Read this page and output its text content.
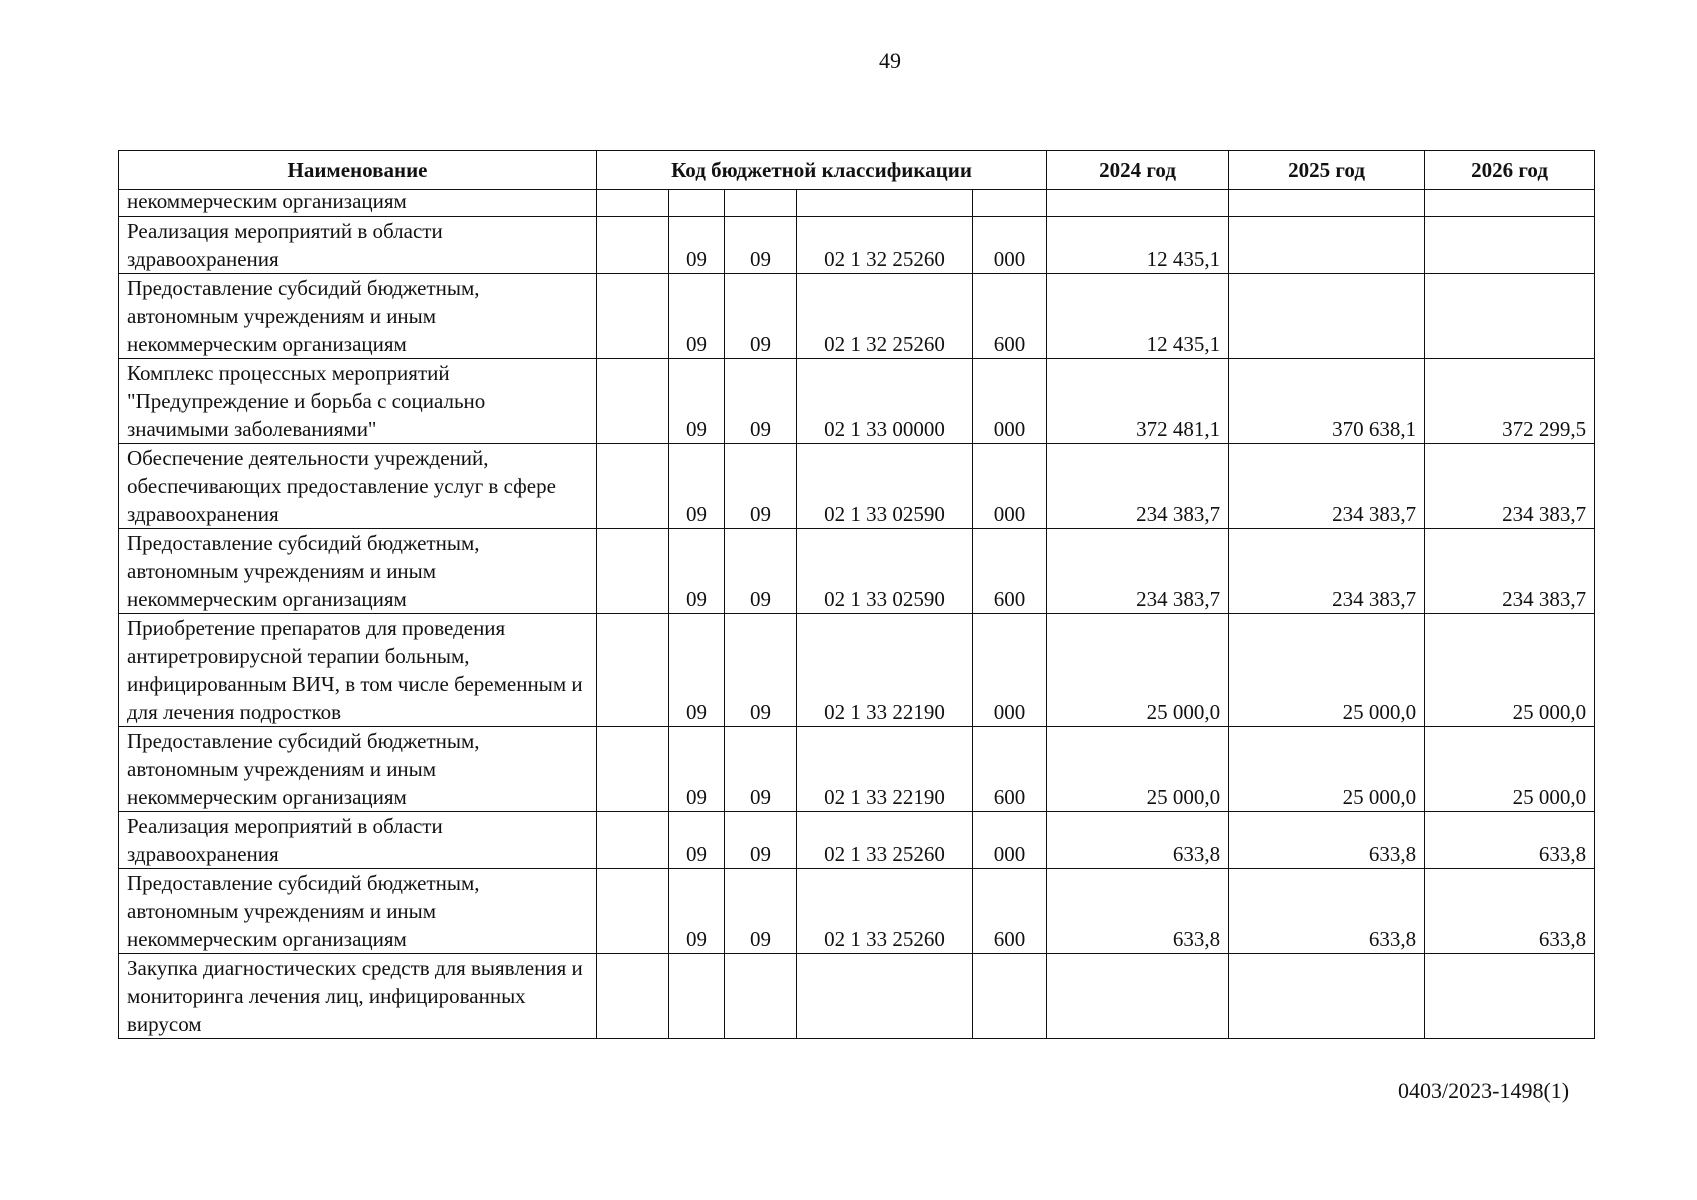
49
Наименование	Код бюджетной классификации					2024 год	2025 год	2026 год
некоммерческим организациям								
Реализация мероприятий в области здравоохранения		09	09	02 1 32 25260	000	12 435,1		
Предоставление субсидий бюджетным, автономным учреждениям и иным некоммерческим организациям		09	09	02 1 32 25260	600	12 435,1		
Комплекс процессных мероприятий "Предупреждение и борьба с социально значимыми заболеваниями"		09	09	02 1 33 00000	000	372 481,1	370 638,1	372 299,5
Обеспечение деятельности учреждений, обеспечивающих предоставление услуг в сфере здравоохранения		09	09	02 1 33 02590	000	234 383,7	234 383,7	234 383,7
Предоставление субсидий бюджетным, автономным учреждениям и иным некоммерческим организациям		09	09	02 1 33 02590	600	234 383,7	234 383,7	234 383,7
Приобретение препаратов для проведения антиретровирусной терапии больным, инфицированным ВИЧ, в том числе беременным и для лечения подростков		09	09	02 1 33 22190	000	25 000,0	25 000,0	25 000,0
Предоставление субсидий бюджетным, автономным учреждениям и иным некоммерческим организациям		09	09	02 1 33 22190	600	25 000,0	25 000,0	25 000,0
Реализация мероприятий в области здравоохранения		09	09	02 1 33 25260	000	633,8	633,8	633,8
Предоставление субсидий бюджетным, автономным учреждениям и иным некоммерческим организациям		09	09	02 1 33 25260	600	633,8	633,8	633,8
Закупка диагностических средств для выявления и мониторинга лечения лиц, инфицированных вирусом								
0403/2023-1498(1)
